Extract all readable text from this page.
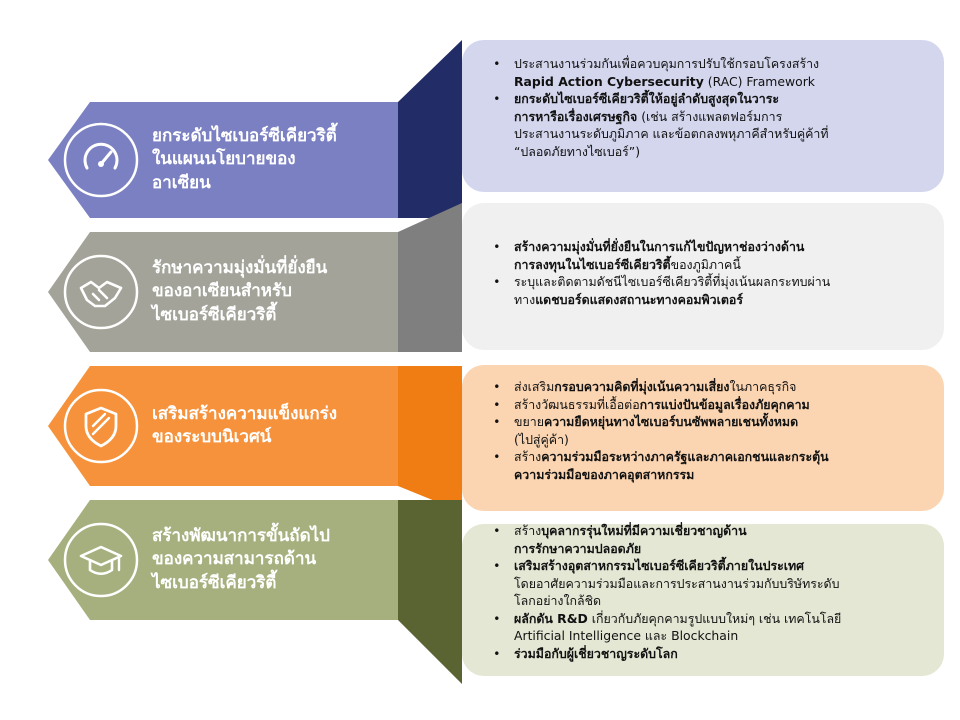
ยกระดับไซเบอร์ซีเคียวริตี้
ในแผนนโยบายของ
อาเซียน
• ประสานงานร่วมกันเพื่อควบคุมการปรับใช้กรอบโครงสร้าง
Rapid Action Cybersecurity (RAC) Framework
• ยกระดับไซเบอร์ซีเคียวริตี้ให้อยู่ลำดับสูงสุดในวาระ
การหารือเรื่องเศรษฐกิจ (เช่น สร้างแพลตฟอร์มการ
ประสานงานระดับภูมิภาค และข้อตกลงพหุภาคีสำหรับคู่ค้าที่
“ปลอดภัยทางไซเบอร์”)
รักษาความมุ่งมั่นที่ยั่งยืน
ของอาเซียนสำหรับ
ไซเบอร์ซีเคียวริตี้
• สร้างความมุ่งมั่นที่ยั่งยืนในการแก้ไขปัญหาช่องว่างด้าน
การลงทุนในไซเบอร์ซีเคียวริตี้ของภูมิภาคนี้
• ระบุและติดตามดัชนีไซเบอร์ซีเคียวริตี้ที่มุ่งเน้นผลกระทบผ่าน
ทางแดชบอร์ดแสดงสถานะทางคอมพิวเตอร์
เสริมสร้างความแข็งแกร่ง
ของระบบนิเวศน์
• ส่งเสริมกรอบความคิดที่มุ่งเน้นความเสี่ยงในภาคธุรกิจ
• สร้างวัฒนธรรมที่เอื้อต่อการแบ่งปันข้อมูลเรื่องภัยคุกคาม
• ขยายความยืดหยุ่นทางไซเบอร์บนซัพพลายเชนทั้งหมด
(ไปสู่คู่ค้า)
• สร้างความร่วมมือระหว่างภาครัฐและภาคเอกชนและกระตุ้น
ความร่วมมือของภาคอุตสาหกรรม
สร้างพัฒนาการขั้นถัดไป
ของความสามารถด้าน
ไซเบอร์ซีเคียวริตี้
• สร้างบุคลากรรุ่นใหม่ที่มีความเชี่ยวชาญด้าน
การรักษาความปลอดภัย
• เสริมสร้างอุตสาหกรรมไซเบอร์ซีเคียวริตี้ภายในประเทศ
โดยอาศัยความร่วมมือและการประสานงานร่วมกับบริษัทระดับ
โลกอย่างใกล้ชิด
• ผลักดัน R&D เกี่ยวกับภัยคุกคามรูปแบบใหม่ๆ เช่น เทคโนโลยี
Artificial Intelligence และ Blockchain
• ร่วมมือกับผู้เชี่ยวชาญระดับโลก
